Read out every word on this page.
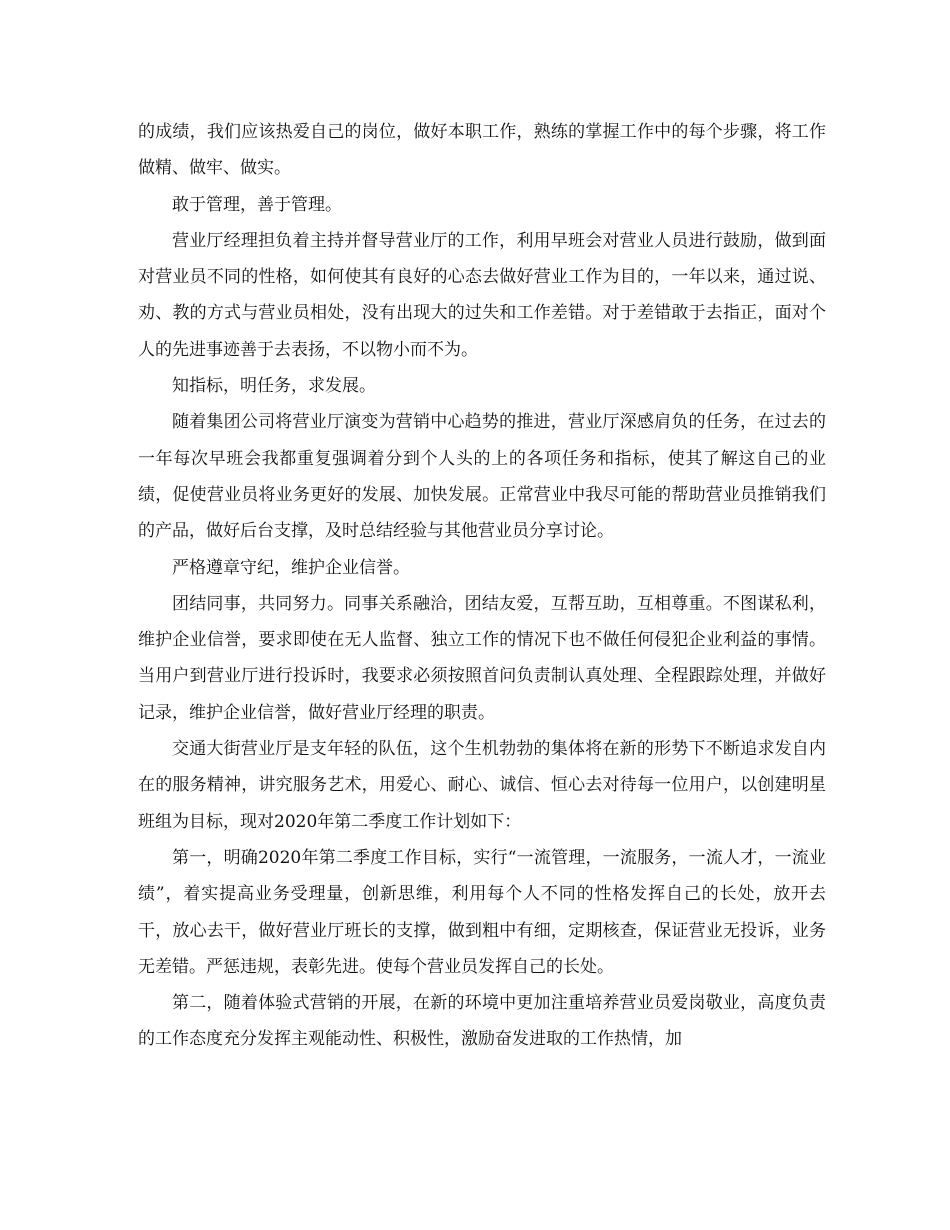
的成绩，我们应该热爱自己的岗位，做好本职工作，熟练的掌握工作中的每个步骤，将工作做精、做牢、做实。

敢于管理，善于管理。

营业厅经理担负着主持并督导营业厅的工作，利用早班会对营业人员进行鼓励，做到面对营业员不同的性格，如何使其有良好的心态去做好营业工作为目的，一年以来，通过说、劝、教的方式与营业员相处，没有出现大的过失和工作差错。对于差错敢于去指正，面对个人的先进事迹善于去表扬，不以物小而不为。

知指标，明任务，求发展。

随着集团公司将营业厅演变为营销中心趋势的推进，营业厅深感肩负的任务，在过去的一年每次早班会我都重复强调着分到个人头的上的各项任务和指标，使其了解这自己的业绩，促使营业员将业务更好的发展、加快发展。正常营业中我尽可能的帮助营业员推销我们的产品，做好后台支撑，及时总结经验与其他营业员分享讨论。

严格遵章守纪，维护企业信誉。

团结同事，共同努力。同事关系融洽，团结友爱，互帮互助，互相尊重。不图谋私利，维护企业信誉，要求即使在无人监督、独立工作的情况下也不做任何侵犯企业利益的事情。当用户到营业厅进行投诉时，我要求必须按照首问负责制认真处理、全程跟踪处理，并做好记录，维护企业信誉，做好营业厅经理的职责。

交通大街营业厅是支年轻的队伍，这个生机勃勃的集体将在新的形势下不断追求发自内在的服务精神，讲究服务艺术，用爱心、耐心、诚信、恒心去对待每一位用户，以创建明星班组为目标，现对2020年第二季度工作计划如下：

第一，明确2020年第二季度工作目标，实行“一流管理，一流服务，一流人才，一流业绩”，着实提高业务受理量，创新思维，利用每个人不同的性格发挥自己的长处，放开去干，放心去干，做好营业厅班长的支撑，做到粗中有细，定期核查，保证营业无投诉，业务无差错。严惩违规，表彰先进。使每个营业员发挥自己的长处。

第二，随着体验式营销的开展，在新的环境中更加注重培养营业员爱岗敬业，高度负责的工作态度充分发挥主观能动性、积极性，激励奋发进取的工作热情，加
